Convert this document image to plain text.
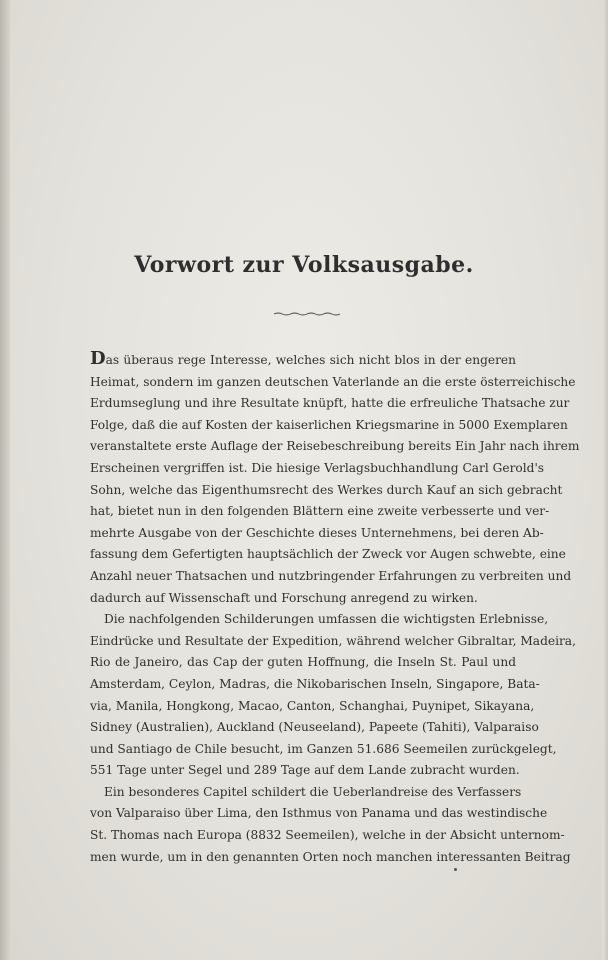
Vorwort zur Volksausgabe.
Das überaus rege Interesse, welches sich nicht blos in der engeren
Heimat, sondern im ganzen deutschen Vaterlande an die erste österreichische
Erdumseglung und ihre Resultate knüpft, hatte die erfreuliche Thatsache zur
Folge, daß die auf Kosten der kaiserlichen Kriegsmarine in 5000 Exemplaren
veranstaltete erste Auflage der Reisebeschreibung bereits Ein Jahr nach ihrem
Erscheinen vergriffen ist. Die hiesige Verlagsbuchhandlung Carl Gerold's
Sohn, welche das Eigenthumsrecht des Werkes durch Kauf an sich gebracht
hat, bietet nun in den folgenden Blättern eine zweite verbesserte und ver-
mehrte Ausgabe von der Geschichte dieses Unternehmens, bei deren Ab-
fassung dem Gefertigten hauptsächlich der Zweck vor Augen schwebte, eine
Anzahl neuer Thatsachen und nutzbringender Erfahrungen zu verbreiten und
dadurch auf Wissenschaft und Forschung anregend zu wirken.
Die nachfolgenden Schilderungen umfassen die wichtigsten Erlebnisse,
Eindrücke und Resultate der Expedition, während welcher Gibraltar, Madeira,
Rio de Janeiro, das Cap der guten Hoffnung, die Inseln St. Paul und
Amsterdam, Ceylon, Madras, die Nikobarischen Inseln, Singapore, Bata-
via, Manila, Hongkong, Macao, Canton, Schanghai, Puynipet, Sikayana,
Sidney (Australien), Auckland (Neuseeland), Papeete (Tahiti), Valparaiso
und Santiago de Chile besucht, im Ganzen 51.686 Seemeilen zurückgelegt,
551 Tage unter Segel und 289 Tage auf dem Lande zubracht wurden.
Ein besonderes Capitel schildert die Ueberlandreise des Verfassers
von Valparaiso über Lima, den Isthmus von Panama und das westindische
St. Thomas nach Europa (8832 Seemeilen), welche in der Absicht unternom-
men wurde, um in den genannten Orten noch manchen interessanten Beitrag
